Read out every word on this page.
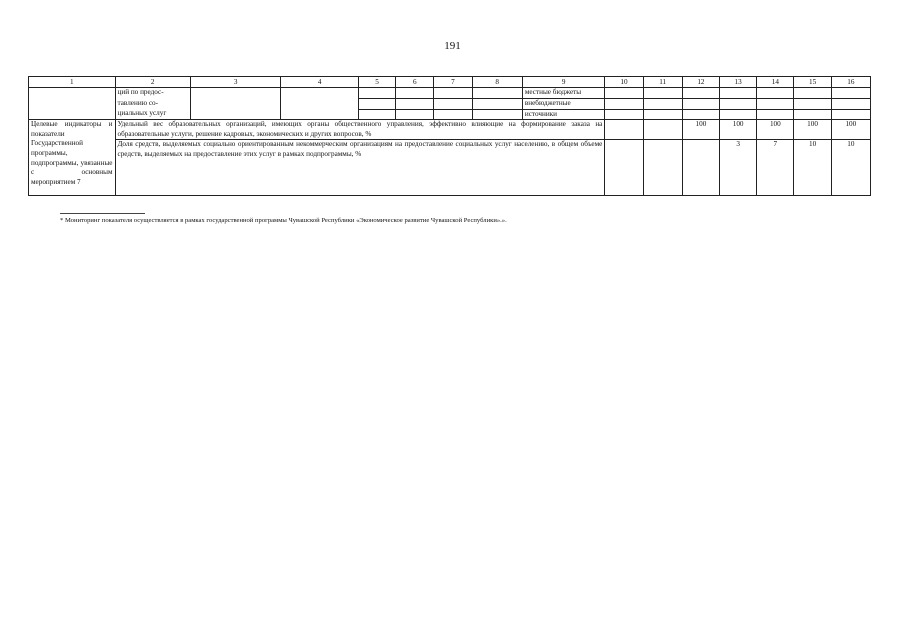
191
1	2	3	4	5	6	7	8	9	10	11	12	13	14	15	16
	ций по предос-							местные бюджеты							
	тавлению со-							внебюджетные							
	циальных услуг							источники							
Целевые индикаторы и показатели Государственной программы, подпрограммы, увязанные с основным мероприятием 7	Удельный вес образовательных организаций, имеющих органы общественного управления, эффективно влияющие на формирование заказа на образовательные услуги, решение кадровых, экономических и других вопросов, %										100	100	100	100	100
	Доля средств, выделяемых социально ориентированным некоммерческим организациям на предоставление социальных услуг населению, в общем объеме средств, выделяемых на предоставление этих услуг в рамках подпрограммы, %											3	7	10	10
* Мониторинг показателя осуществляется в рамках государственной программы Чувашской Республики «Экономическое развитие Чувашской Республики».».
